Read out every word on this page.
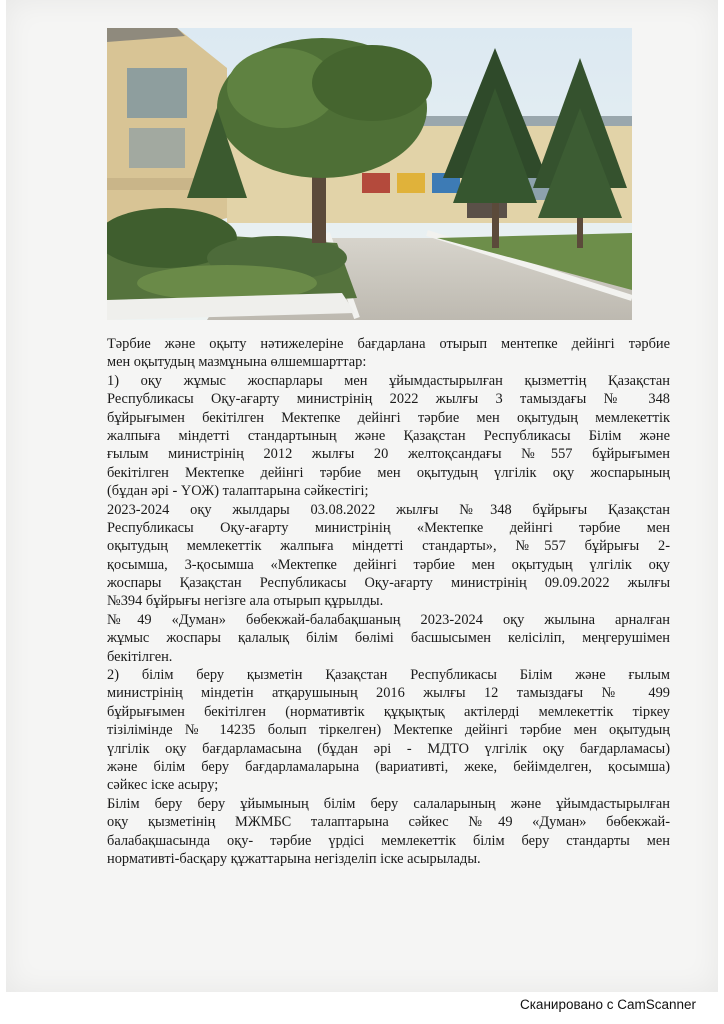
Тәрбие және оқыту нәтижелеріне бағдарлана отырып ментепке дейінгі тәрбие
мен оқытудың мазмұнына өлшемшарттар:
1) оқу жұмыс жоспарлары мен ұйымдастырылған қызметтің Қазақстан
Республикасы Оқу-ағарту министрінің 2022 жылғы 3 тамыздағы № 348
бұйрығымен бекітілген Мектепке дейінгі тәрбие мен оқытудың мемлекеттік
жалпыға міндетті стандартының және Қазақстан Республикасы Білім және
ғылым министрінің 2012 жылғы 20 желтоқсандағы №557 бұйрығымен
бекітілген Мектепке дейінгі тәрбие мен оқытудың үлгілік оқу жоспарының
(бұдан әрі - ҮОЖ) талаптарына сәйкестігі;
2023-2024 оқу жылдары 03.08.2022 жылғы №348 бұйрығы Қазақстан
Республикасы Оқу-ағарту министрінің «Мектепке дейінгі тәрбие мен
оқытудың мемлекеттік жалпыға міндетті стандарты», №557 бұйрығы 2-
қосымша, 3-қосымша «Мектепке дейінгі тәрбие мен оқытудың үлгілік оқу
жоспары Қазақстан Республикасы Оқу-ағарту министрінің 09.09.2022 жылғы
№394 бұйрығы негізге ала отырып құрылды.
№49 «Думан» бөбекжай-балабақшаның 2023-2024 оқу жылына арналған
жұмыс жоспары қалалық білім бөлімі басшысымен келісіліп, меңгерушімен
бекітілген.
2) білім беру қызметін Қазақстан Республикасы Білім және ғылым
министрінің міндетін атқарушының 2016 жылғы 12 тамыздағы № 499
бұйрығымен бекітілген (нормативтік құқықтық актілерді мемлекеттік тіркеу
тізілімінде № 14235 болып тіркелген) Мектепке дейінгі тәрбие мен оқытудың
үлгілік оқу бағдарламасына (бұдан әрі - МДТО үлгілік оқу бағдарламасы)
және білім беру бағдарламаларына (вариативті, жеке, бейімделген, қосымша)
сәйкес іске асыру;
Білім беру беру ұйымының білім беру салаларының және ұйымдастырылған
оқу қызметінің МЖМБС талаптарына сәйкес №49 «Думан» бөбекжай-
балабақшасында оқу- тәрбие үрдісі мемлекеттік білім беру стандарты мен
нормативті-басқару құжаттарына негізделіп іске асырылады.
Сканировано с CamScanner
